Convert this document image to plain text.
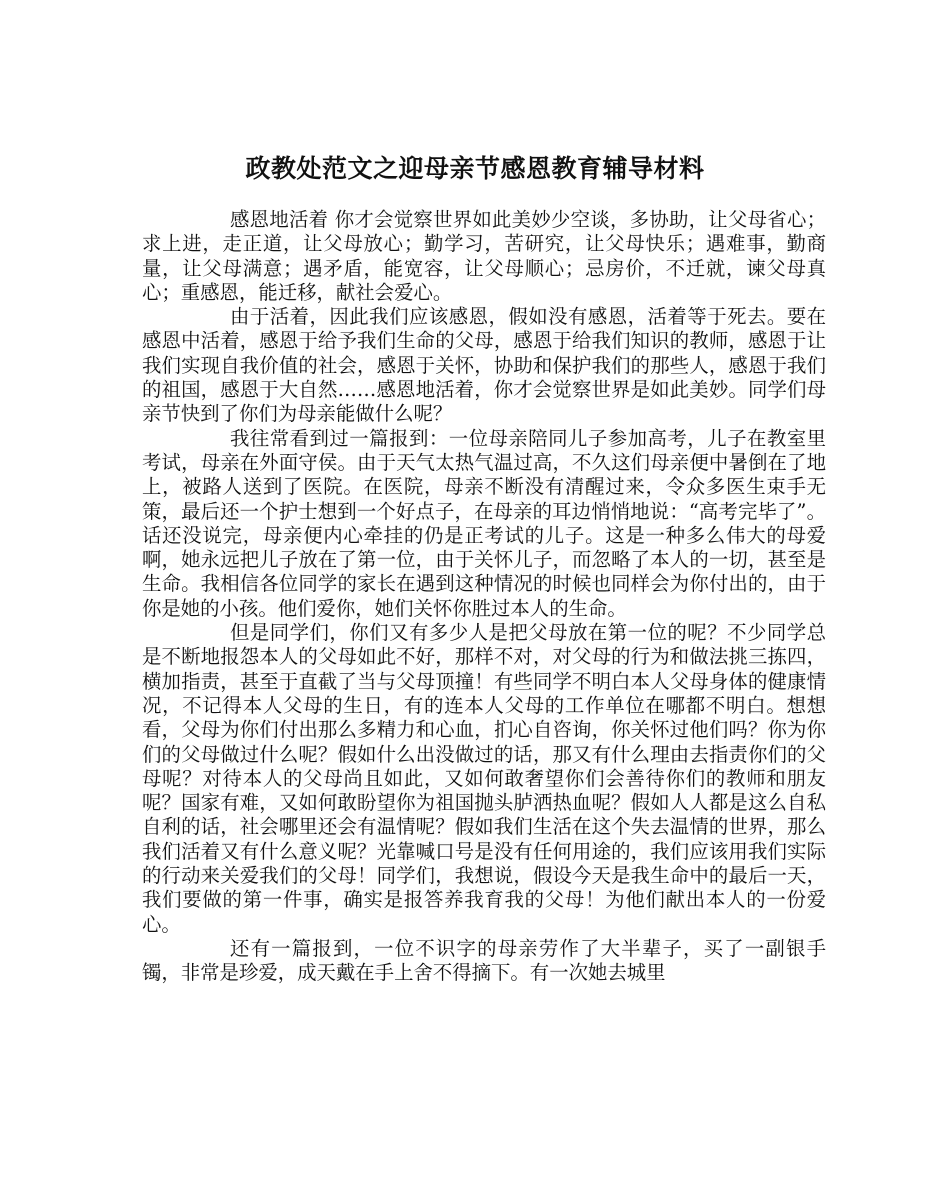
政教处范文之迎母亲节感恩教育辅导材料

感恩地活着 你才会觉察世界如此美妙少空谈，多协助，让父母省心；求上进，走正道，让父母放心；勤学习，苦研究，让父母快乐；遇难事，勤商量，让父母满意；遇矛盾，能宽容，让父母顺心；忌房价，不迁就，谏父母真心；重感恩，能迁移，献社会爱心。

由于活着，因此我们应该感恩，假如没有感恩，活着等于死去。要在感恩中活着，感恩于给予我们生命的父母，感恩于给我们知识的教师，感恩于让我们实现自我价值的社会，感恩于关怀，协助和保护我们的那些人，感恩于我们的祖国，感恩于大自然……感恩地活着，你才会觉察世界是如此美妙。同学们母亲节快到了你们为母亲能做什么呢？

我往常看到过一篇报到：一位母亲陪同儿子参加高考，儿子在教室里考试，母亲在外面守侯。由于天气太热气温过高，不久这们母亲便中暑倒在了地上，被路人送到了医院。在医院，母亲不断没有清醒过来，令众多医生束手无策，最后还一个护士想到一个好点子，在母亲的耳边悄悄地说：“高考完毕了”。话还没说完，母亲便内心牵挂的仍是正考试的儿子。这是一种多么伟大的母爱啊，她永远把儿子放在了第一位，由于关怀儿子，而忽略了本人的一切，甚至是生命。我相信各位同学的家长在遇到这种情况的时候也同样会为你付出的，由于你是她的小孩。他们爱你，她们关怀你胜过本人的生命。

但是同学们，你们又有多少人是把父母放在第一位的呢？不少同学总是不断地报怨本人的父母如此不好，那样不对，对父母的行为和做法挑三拣四，横加指责，甚至于直截了当与父母顶撞！有些同学不明白本人父母身体的健康情况，不记得本人父母的生日，有的连本人父母的工作单位在哪都不明白。想想看，父母为你们付出那么多精力和心血，扪心自咨询，你关怀过他们吗？你为你们的父母做过什么呢？假如什么出没做过的话，那又有什么理由去指责你们的父母呢？对待本人的父母尚且如此，又如何敢奢望你们会善待你们的教师和朋友呢？国家有难，又如何敢盼望你为祖国抛头胪洒热血呢？假如人人都是这么自私自利的话，社会哪里还会有温情呢？假如我们生活在这个失去温情的世界，那么我们活着又有什么意义呢？光靠喊口号是没有任何用途的，我们应该用我们实际的行动来关爱我们的父母！同学们，我想说，假设今天是我生命中的最后一天，我们要做的第一件事，确实是报答养我育我的父母！为他们献出本人的一份爱心。

还有一篇报到，一位不识字的母亲劳作了大半辈子，买了一副银手镯，非常是珍爱，成天戴在手上舍不得摘下。有一次她去城里
